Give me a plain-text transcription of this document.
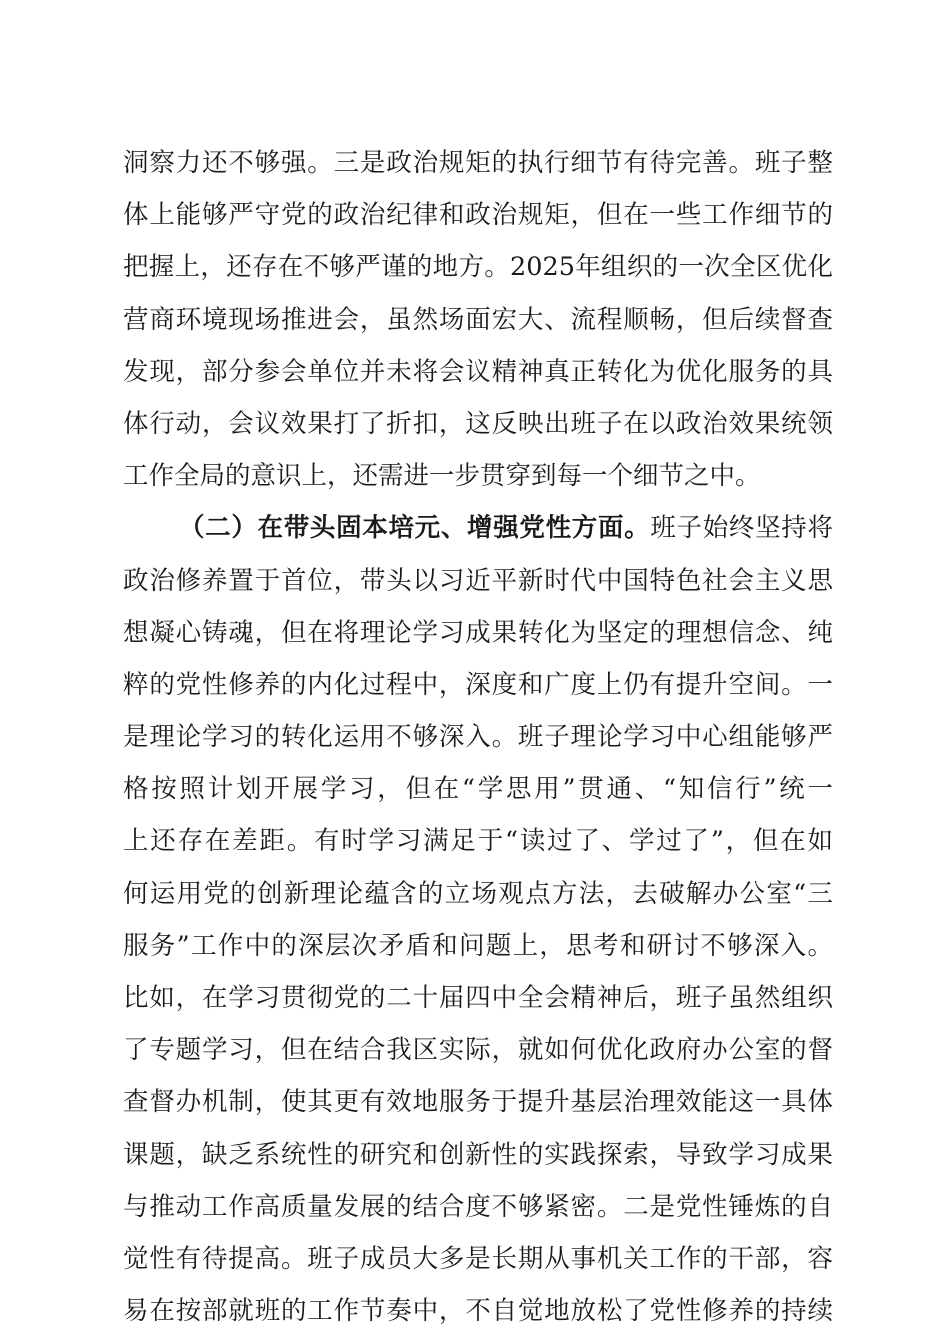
洞察力还不够强。三是政治规矩的执行细节有待完善。班子整
体上能够严守党的政治纪律和政治规矩，但在一些工作细节的
把握上，还存在不够严谨的地方。2025年组织的一次全区优化
营商环境现场推进会，虽然场面宏大、流程顺畅，但后续督查
发现，部分参会单位并未将会议精神真正转化为优化服务的具
体行动，会议效果打了折扣，这反映出班子在以政治效果统领
工作全局的意识上，还需进一步贯穿到每一个细节之中。
（二）在带头固本培元、增强党性方面。班子始终坚持将
政治修养置于首位，带头以习近平新时代中国特色社会主义思
想凝心铸魂，但在将理论学习成果转化为坚定的理想信念、纯
粹的党性修养的内化过程中，深度和广度上仍有提升空间。一
是理论学习的转化运用不够深入。班子理论学习中心组能够严
格按照计划开展学习，但在“学思用”贯通、“知信行”统一
上还存在差距。有时学习满足于“读过了、学过了”，但在如
何运用党的创新理论蕴含的立场观点方法，去破解办公室“三
服务”工作中的深层次矛盾和问题上，思考和研讨不够深入。
比如，在学习贯彻党的二十届四中全会精神后，班子虽然组织
了专题学习，但在结合我区实际，就如何优化政府办公室的督
查督办机制，使其更有效地服务于提升基层治理效能这一具体
课题，缺乏系统性的研究和创新性的实践探索，导致学习成果
与推动工作高质量发展的结合度不够紧密。二是党性锤炼的自
觉性有待提高。班子成员大多是长期从事机关工作的干部，容
易在按部就班的工作节奏中，不自觉地放松了党性修养的持续
